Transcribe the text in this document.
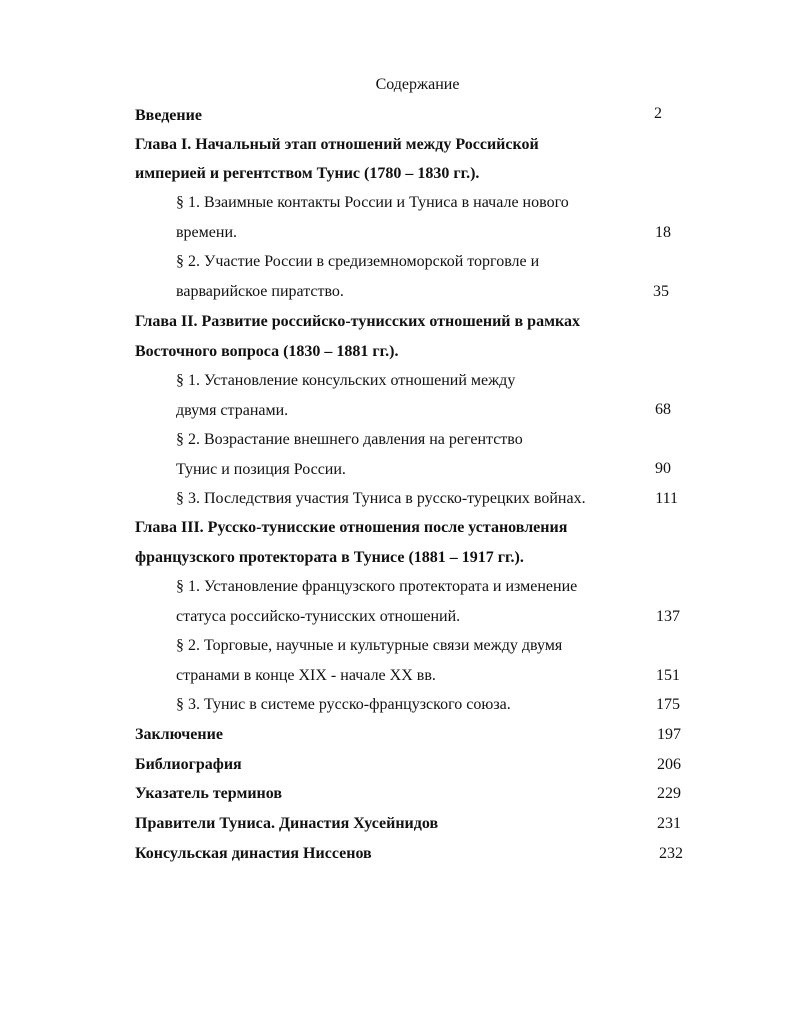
Содержание
Введение	2
Глава I. Начальный этап отношений между Российской
империей и регентством Тунис (1780 – 1830 гг.).
§ 1. Взаимные контакты России и Туниса в начале нового
времени.	18
§ 2. Участие России в средиземноморской торговле и
варварийское пиратство.	35
Глава II. Развитие российско-тунисских отношений в рамках
Восточного вопроса (1830 – 1881 гг.).
§ 1. Установление консульских отношений между
двумя странами.	68
§ 2. Возрастание внешнего давления на регентство
Тунис и позиция России.	90
§ 3. Последствия участия Туниса в русско-турецких войнах.	111
Глава III. Русско-тунисские отношения после установления
французского протектората в Тунисе (1881 – 1917 гг.).
§ 1. Установление французского протектората и изменение
статуса российско-тунисских отношений.	137
§ 2. Торговые, научные и культурные связи между двумя
странами в конце XIX - начале XX вв.	151
§ 3. Тунис в системе русско-французского союза.	175
Заключение	197
Библиография	206
Указатель терминов	229
Правители Туниса. Династия Хусейнидов	231
Консульская династия Ниссенов	232
